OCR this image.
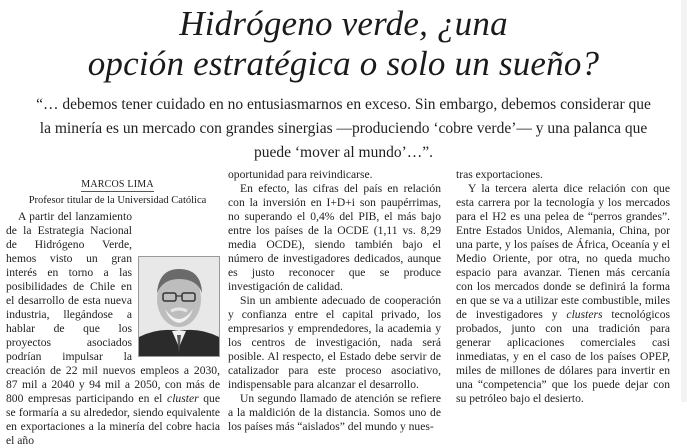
Hidrógeno verde, ¿una
opción estratégica o solo un sueño?
“… debemos tener cuidado en no entusiasmarnos en exceso. Sin embargo, debemos considerar que la minería es un mercado con grandes sinergias —produciendo ‘cobre verde’— y una palanca que puede ‘mover al mundo’…”.
MARCOS LIMA
Profesor titular de la Universidad Católica

A partir del lanzamiento de la Estrategia Nacional de Hidrógeno Verde, hemos visto un gran interés en torno a las posibilidades de Chile en el desarrollo de esta nueva industria, llegándose a hablar de que los proyectos asociados podrían impulsar la creación de 22 mil nuevos empleos a 2030, 87 mil a 2040 y 94 mil a 2050, con más de 800 empresas participando en el cluster que se formaría a su alrededor, siendo equivalente en exportaciones a la minería del cobre hacia el año

oportunidad para reivindicarse.

En efecto, las cifras del país en relación con la inversión en I+D+i son paupérrimas, no superando el 0,4% del PIB, el más bajo entre los países de la OCDE (1,11 vs. 8,29 media OCDE), siendo también bajo el número de investigadores dedicados, aunque es justo reconocer que se produce investigación de calidad.

Sin un ambiente adecuado de cooperación y confianza entre el capital privado, los empresarios y emprendedores, la academia y los centros de investigación, nada será posible. Al respecto, el Estado debe servir de catalizador para este proceso asociativo, indispensable para alcanzar el desarrollo.

Un segundo llamado de atención se refiere a la maldición de la distancia. Somos uno de los países más “aislados” del mundo y nues-

tras exportaciones.

Y la tercera alerta dice relación con que esta carrera por la tecnología y los mercados para el H2 es una pelea de “perros grandes”. Entre Estados Unidos, Alemania, China, por una parte, y los países de África, Oceanía y el Medio Oriente, por otra, no queda mucho espacio para avanzar. Tienen más cercanía con los mercados donde se definirá la forma en que se va a utilizar este combustible, miles de investigadores y clusters tecnológicos probados, junto con una tradición para generar aplicaciones comerciales casi inmediatas, y en el caso de los países OPEP, miles de millones de dólares para invertir en una “competencia” que los puede dejar con su petróleo bajo el desierto.
